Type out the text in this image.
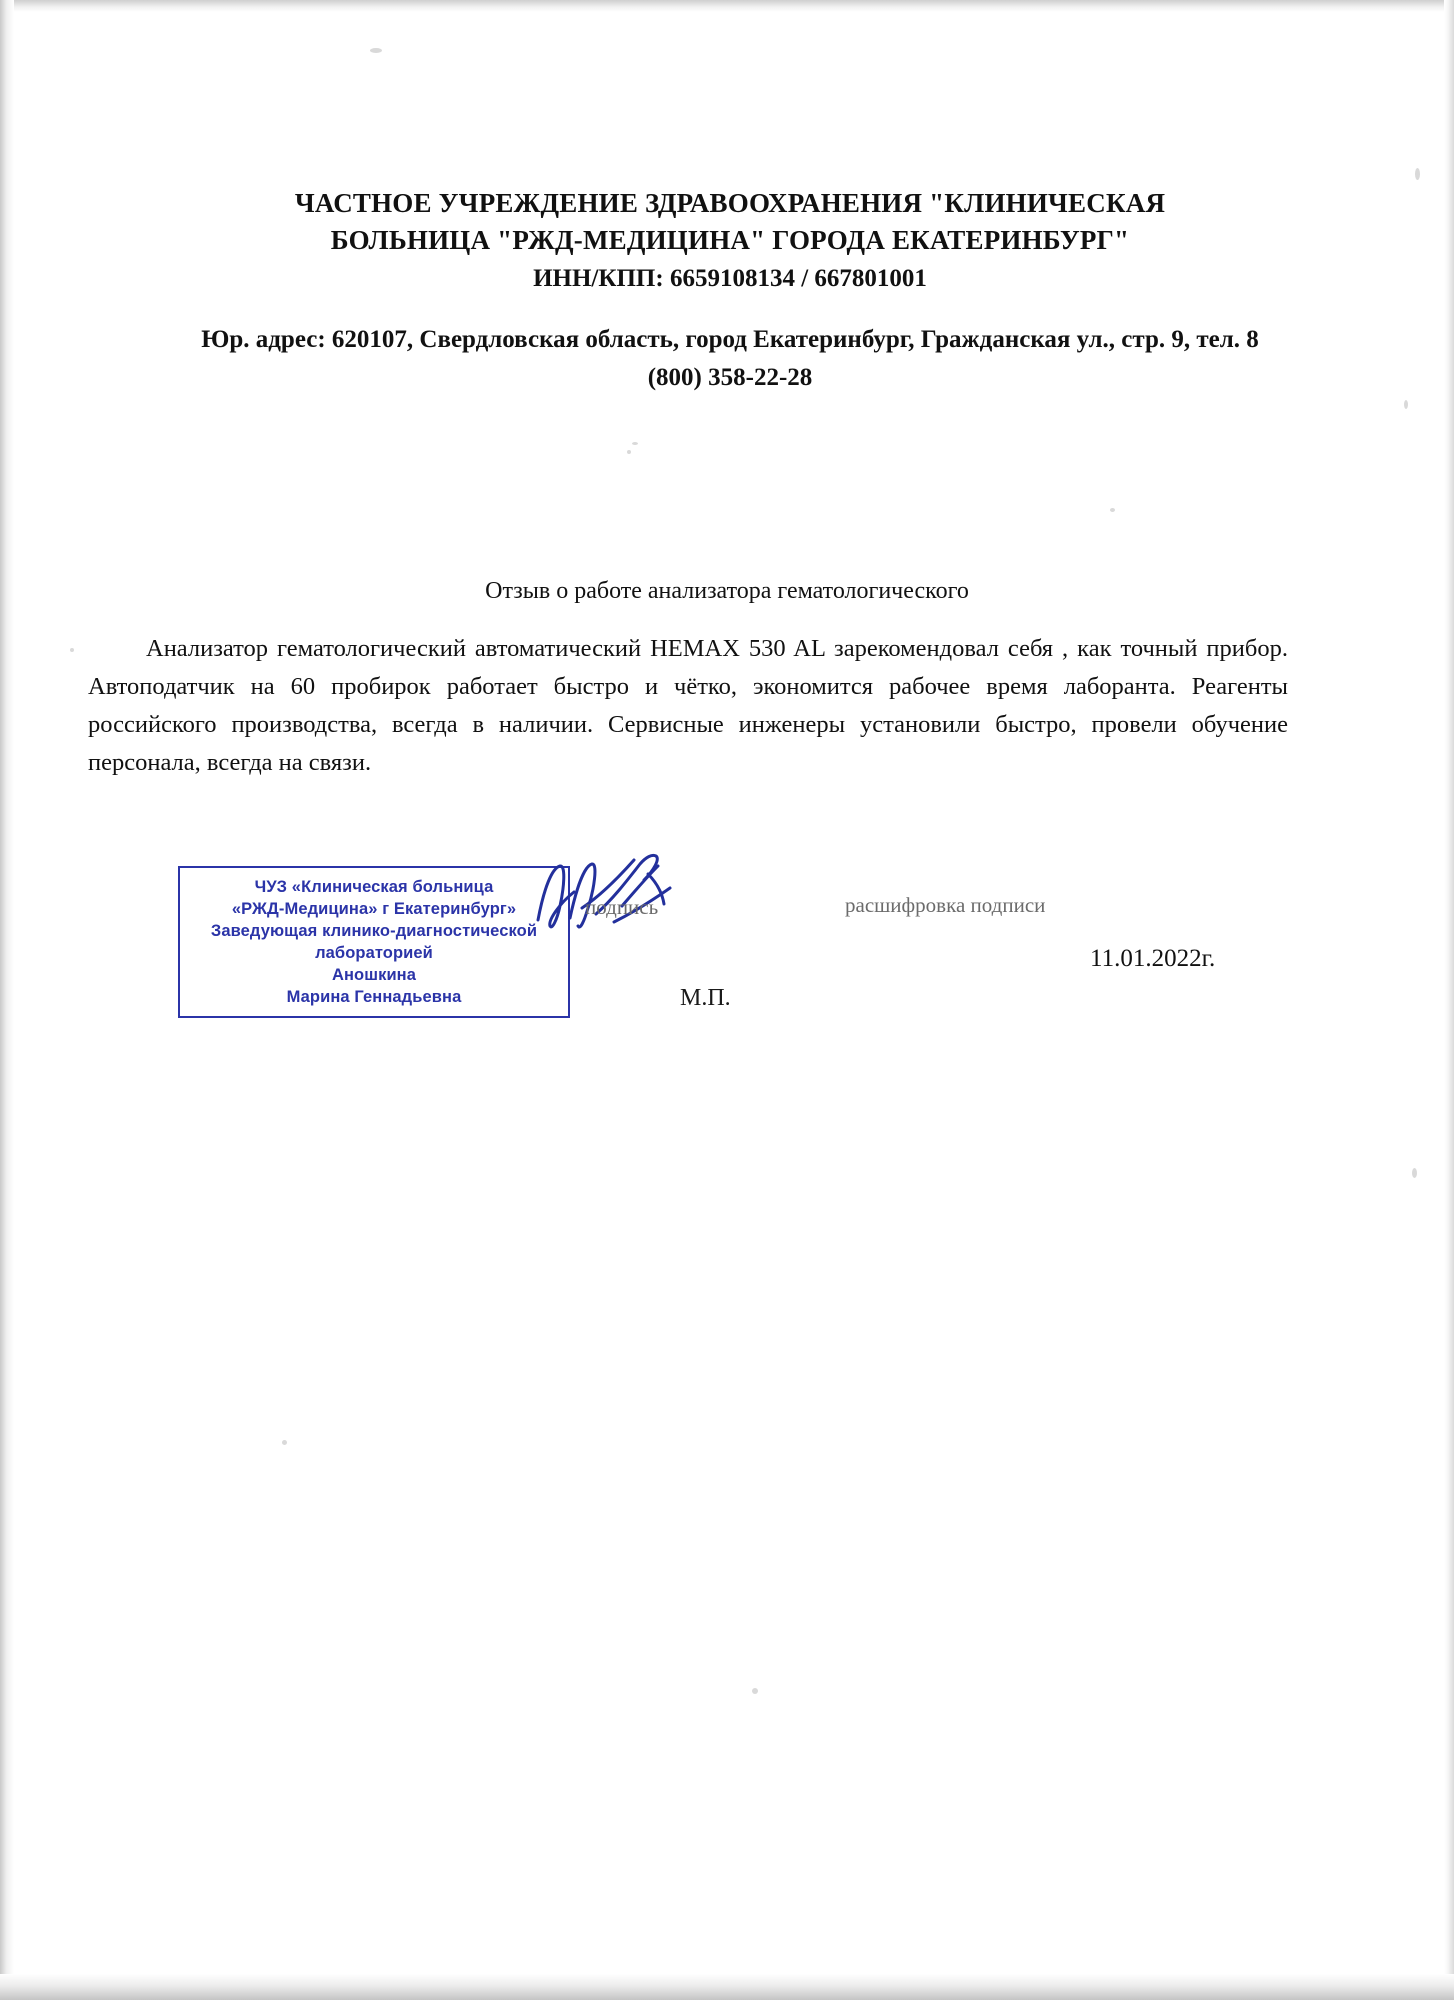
ЧАСТНОЕ УЧРЕЖДЕНИЕ ЗДРАВООХРАНЕНИЯ "КЛИНИЧЕСКАЯ
БОЛЬНИЦА "РЖД-МЕДИЦИНА" ГОРОДА ЕКАТЕРИНБУРГ"
ИНН/КПП: 6659108134 / 667801001
Юр. адрес: 620107, Свердловская область, город Екатеринбург, Гражданская ул., стр. 9, тел. 8 (800) 358-22-28
Отзыв о работе анализатора гематологического
Анализатор гематологический автоматический HEMAX 530 AL зарекомендовал себя , как точный прибор. Автоподатчик на 60 пробирок работает быстро и чётко, экономится рабочее время лаборанта. Реагенты российского производства, всегда в наличии. Сервисные инженеры установили быстро, провели обучение персонала, всегда на связи.
ЧУЗ «Клиническая больница
«РЖД-Медицина» г Екатеринбург»
Заведующая клинико-диагностической
лабораторией
Аношкина
Марина Геннадьевна
подпись	расшифровка подписи
М.П.
11.01.2022г.
